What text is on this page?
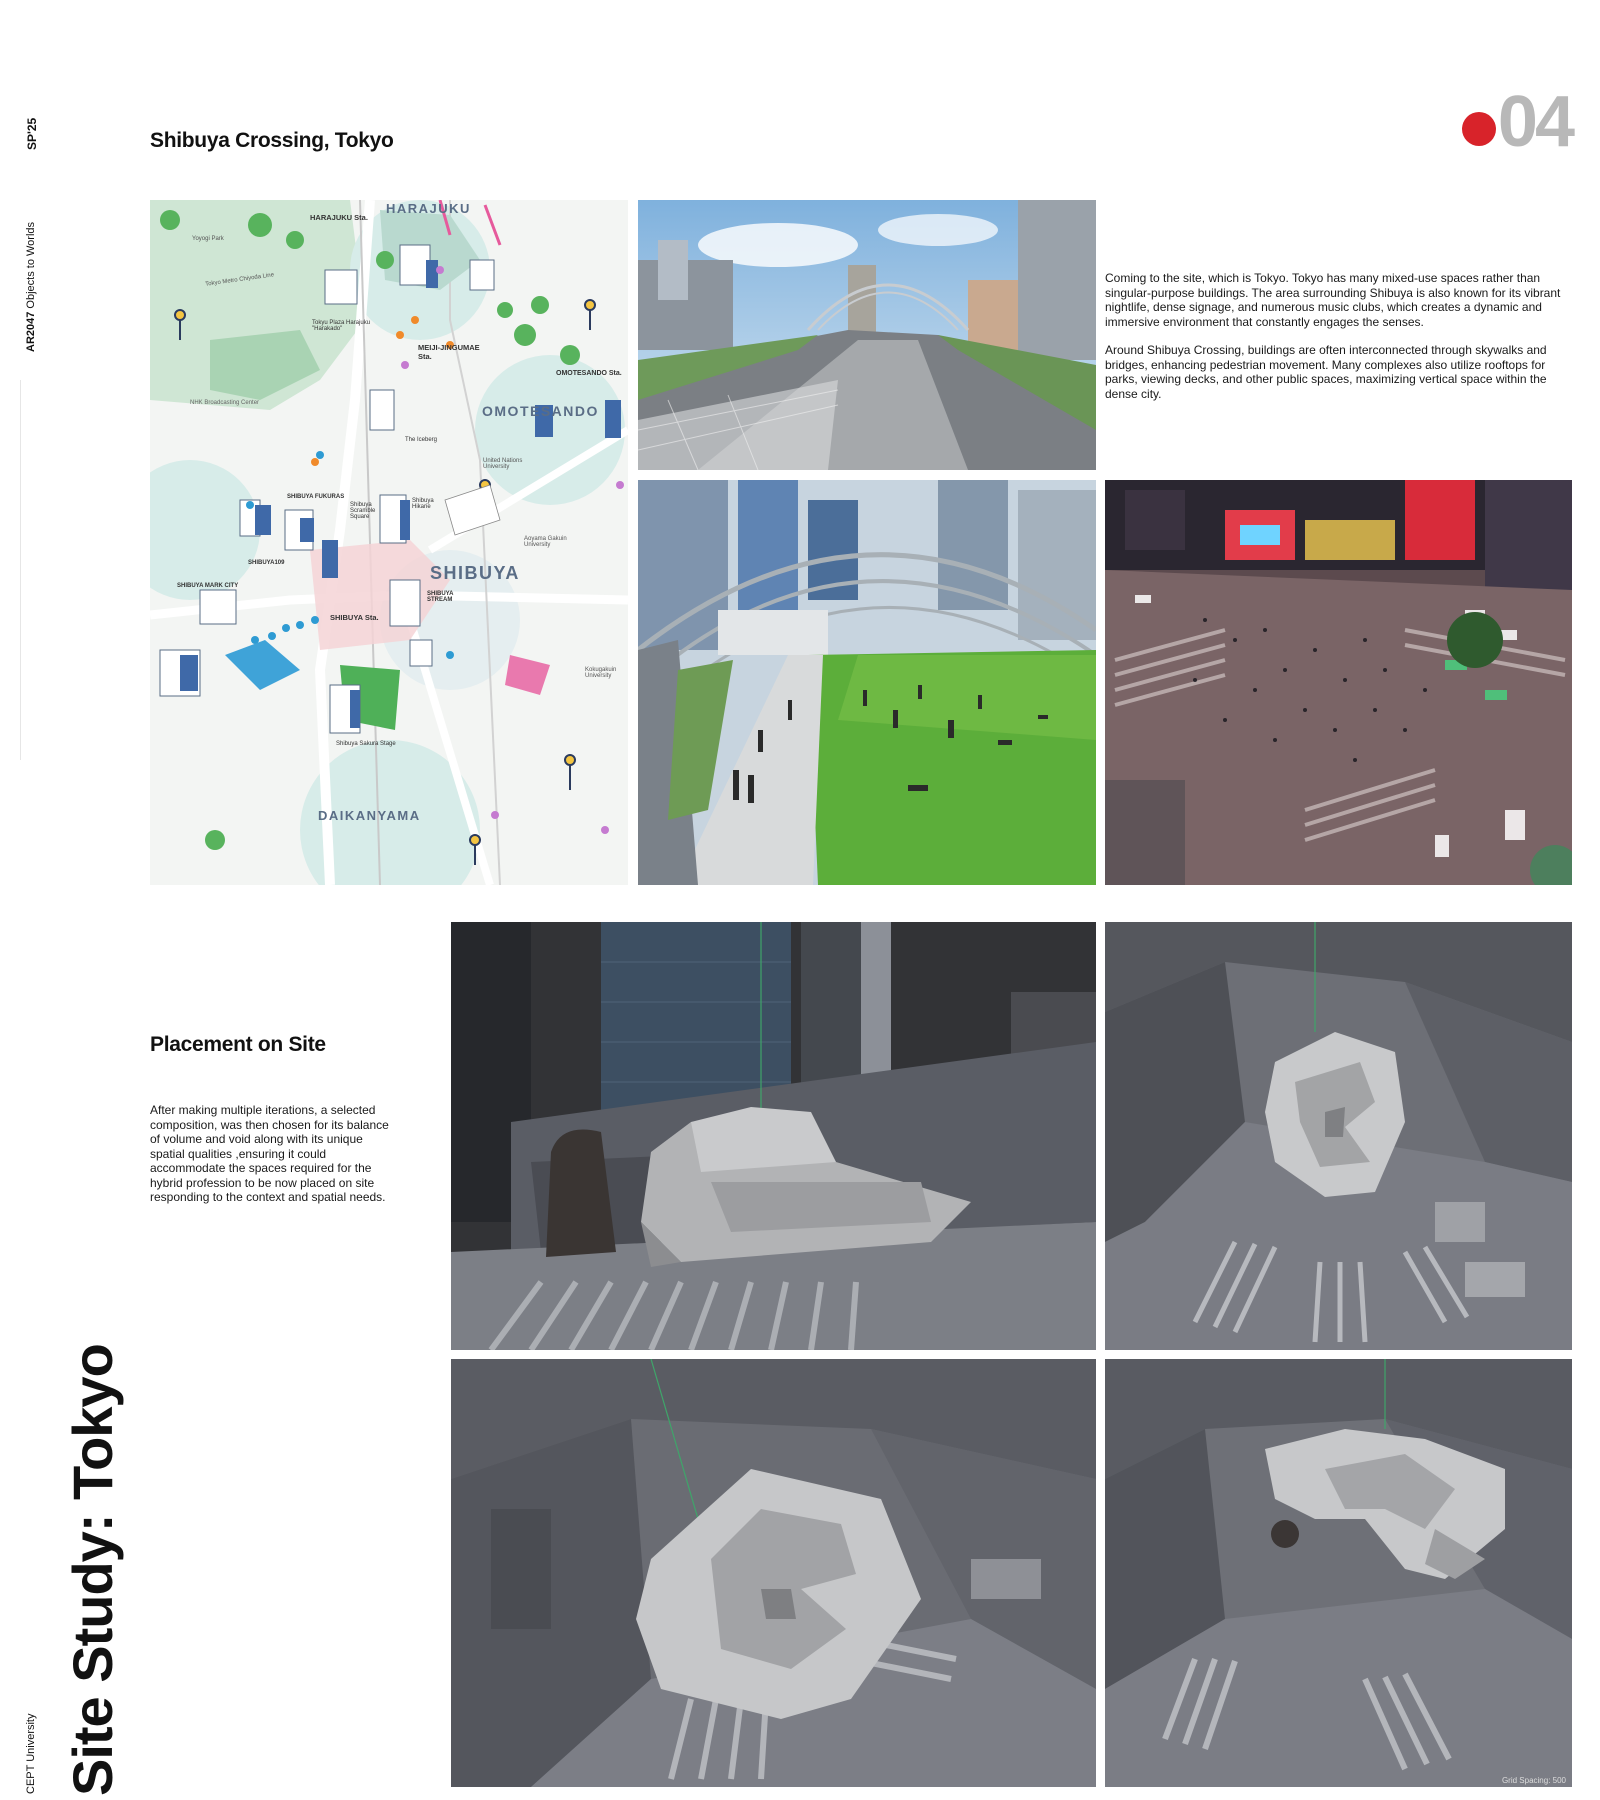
SP'25
AR2047 Objects to Worlds
CEPT University Site Study: Tokyo
Shibuya Crossing, Tokyo	04
HARAJUKU
OMOTESANDO
SHIBUYA
DAIKANYAMA
HARAJUKU Sta.
MEIJI-JINGUMAE Sta.
SHIBUYA Sta.
OMOTESANDO Sta.
Yoyogi Park
Tokyo Metro Chiyoda Line
Tokyu Plaza Harajuku "Harakado"
NHK Broadcasting Center
The Iceberg
SHIBUYA FUKURAS
Shibuya Scramble Square
SHIBUYA109
SHIBUYA MARK CITY
SHIBUYA STREAM
Shibuya Hikarie
Aoyama Gakuin University
United Nations University
Shibuya Sakura Stage
Kokugakuin University

Coming to the site, which is Tokyo. Tokyo has many mixed-use spaces rather than singular-purpose buildings. The area surrounding Shibuya is also known for its vibrant nightlife, dense signage, and numerous music clubs, which creates a dynamic and immersive environment that constantly engages the senses.

Around Shibuya Crossing, buildings are often interconnected through skywalks and bridges, enhancing pedestrian movement. Many complexes also utilize rooftops for parks, viewing decks, and other public spaces, maximizing vertical space within the dense city.

Placement on Site
After making multiple iterations, a selected composition, was then chosen for its balance of volume and void along with its unique spatial qualities ,ensuring it could accommodate the spaces required for the hybrid profession to be now placed on site responding to the context and spatial needs.
Grid Spacing: 500
